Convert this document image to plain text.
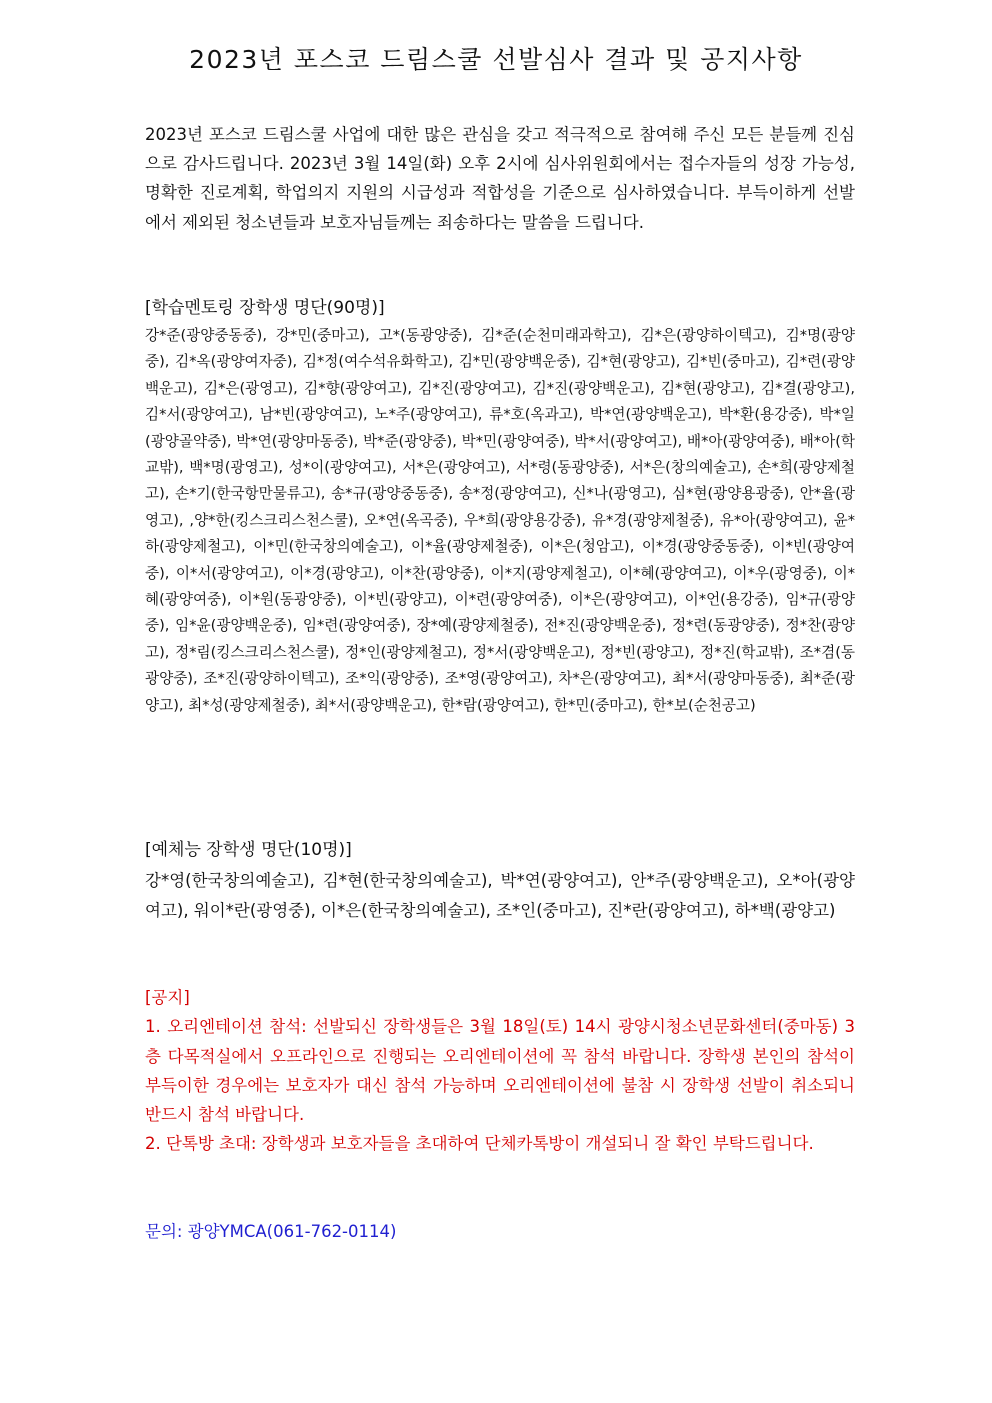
2023년 포스코 드림스쿨 선발심사 결과 및 공지사항
2023년 포스코 드림스쿨 사업에 대한 많은 관심을 갖고 적극적으로 참여해 주신 모든 분들께 진심으로 감사드립니다. 2023년 3월 14일(화) 오후 2시에 심사위원회에서는 접수자들의 성장 가능성, 명확한 진로계획, 학업의지 지원의 시급성과 적합성을 기준으로 심사하였습니다. 부득이하게 선발에서 제외된 청소년들과 보호자님들께는 죄송하다는 말씀을 드립니다.
[학습멘토링 장학생 명단(90명)]
강*준(광양중동중), 강*민(중마고), 고*(동광양중), 김*준(순천미래과학고), 김*은(광양하이텍고), 김*명(광양중), 김*옥(광양여자중), 김*정(여수석유화학고), 김*민(광양백운중), 김*현(광양고), 김*빈(중마고), 김*련(광양백운고), 김*은(광영고), 김*향(광양여고), 김*진(광양여고), 김*진(광양백운고), 김*현(광양고), 김*결(광양고), 김*서(광양여고), 남*빈(광양여고), 노*주(광양여고), 류*호(옥과고), 박*연(광양백운고), 박*환(용강중), 박*일(광양골약중), 박*연(광양마동중), 박*준(광양중), 박*민(광양여중), 박*서(광양여고), 배*아(광양여중), 배*아(학교밖), 백*명(광영고), 성*이(광양여고), 서*은(광양여고), 서*령(동광양중), 서*은(창의예술고), 손*희(광양제철고), 손*기(한국항만물류고), 송*규(광양중동중), 송*정(광양여고), 신*나(광영고), 심*현(광양용광중), 안*율(광영고), ,양*한(킹스크리스천스쿨), 오*연(옥곡중), 우*희(광양용강중), 유*경(광양제철중), 유*아(광양여고), 윤*하(광양제철고), 이*민(한국창의예술고), 이*율(광양제철중), 이*은(청암고), 이*경(광양중동중), 이*빈(광양여중), 이*서(광양여고), 이*경(광양고), 이*찬(광양중), 이*지(광양제철고), 이*혜(광양여고), 이*우(광영중), 이*혜(광양여중), 이*원(동광양중), 이*빈(광양고), 이*련(광양여중), 이*은(광양여고), 이*언(용강중), 임*규(광양중), 임*윤(광양백운중), 임*련(광양여중), 장*예(광양제철중), 전*진(광양백운중), 정*련(동광양중), 정*찬(광양고), 정*림(킹스크리스천스쿨), 정*인(광양제철고), 정*서(광양백운고), 정*빈(광양고), 정*진(학교밖), 조*겸(동광양중), 조*진(광양하이텍고), 조*익(광양중), 조*영(광양여고), 차*은(광양여고), 최*서(광양마동중), 최*준(광양고), 최*성(광양제철중), 최*서(광양백운고), 한*람(광양여고), 한*민(중마고), 한*보(순천공고)
[예체능 장학생 명단(10명)]
강*영(한국창의예술고), 김*현(한국창의예술고), 박*연(광양여고), 안*주(광양백운고), 오*아(광양여고), 워이*란(광영중), 이*은(한국창의예술고), 조*인(중마고), 진*란(광양여고), 하*백(광양고)

[공지]

1. 오리엔테이션 참석: 선발되신 장학생들은 3월 18일(토) 14시 광양시청소년문화센터(중마동) 3층 다목적실에서 오프라인으로 진행되는 오리엔테이션에 꼭 참석 바랍니다. 장학생 본인의 참석이 부득이한 경우에는 보호자가 대신 참석 가능하며 오리엔테이션에 불참 시 장학생 선발이 취소되니 반드시 참석 바랍니다.

2. 단톡방 초대: 장학생과 보호자들을 초대하여 단체카톡방이 개설되니 잘 확인 부탁드립니다.

문의: 광양YMCA(061-762-0114)
